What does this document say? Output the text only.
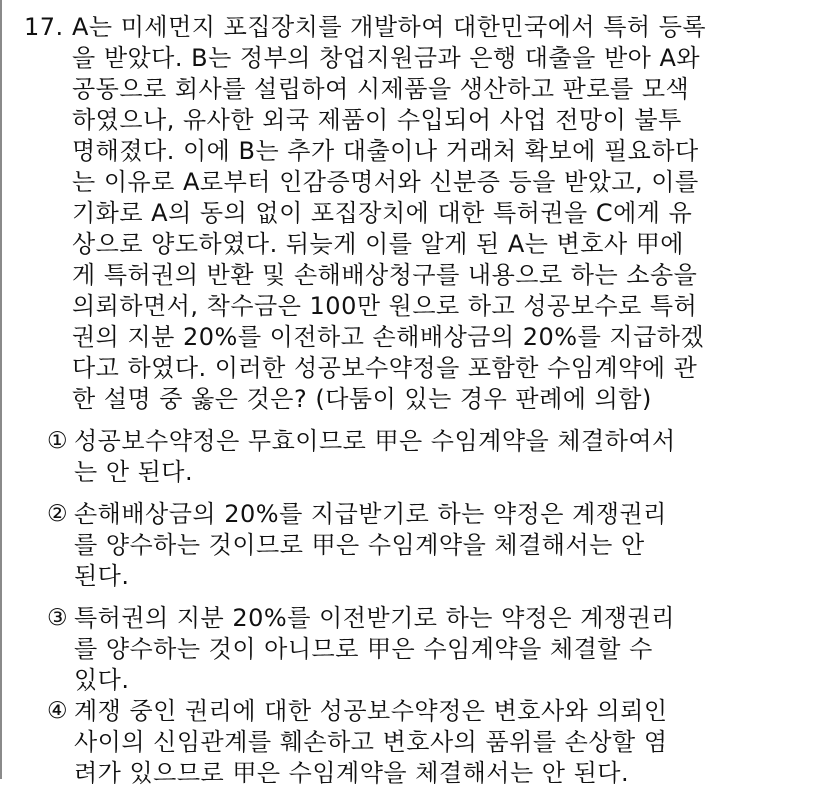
17. A는 미세먼지 포집장치를 개발하여 대한민국에서 특허 등록
을 받았다. B는 정부의 창업지원금과 은행 대출을 받아 A와
공동으로 회사를 설립하여 시제품을 생산하고 판로를 모색
하였으나, 유사한 외국 제품이 수입되어 사업 전망이 불투
명해졌다. 이에 B는 추가 대출이나 거래처 확보에 필요하다
는 이유로 A로부터 인감증명서와 신분증 등을 받았고, 이를
기화로 A의 동의 없이 포집장치에 대한 특허권을 C에게 유
상으로 양도하였다. 뒤늦게 이를 알게 된 A는 변호사 甲에
게 특허권의 반환 및 손해배상청구를 내용으로 하는 소송을
의뢰하면서, 착수금은 100만 원으로 하고 성공보수로 특허
권의 지분 20%를 이전하고 손해배상금의 20%를 지급하겠
다고 하였다. 이러한 성공보수약정을 포함한 수임계약에 관
한 설명 중 옳은 것은? (다툼이 있는 경우 판례에 의함)
① 성공보수약정은 무효이므로 甲은 수임계약을 체결하여서
는 안 된다.
② 손해배상금의 20%를 지급받기로 하는 약정은 계쟁권리
를 양수하는 것이므로 甲은 수임계약을 체결해서는 안
된다.
③ 특허권의 지분 20%를 이전받기로 하는 약정은 계쟁권리
를 양수하는 것이 아니므로 甲은 수임계약을 체결할 수
있다.
④ 계쟁 중인 권리에 대한 성공보수약정은 변호사와 의뢰인
사이의 신임관계를 훼손하고 변호사의 품위를 손상할 염
려가 있으므로 甲은 수임계약을 체결해서는 안 된다.
